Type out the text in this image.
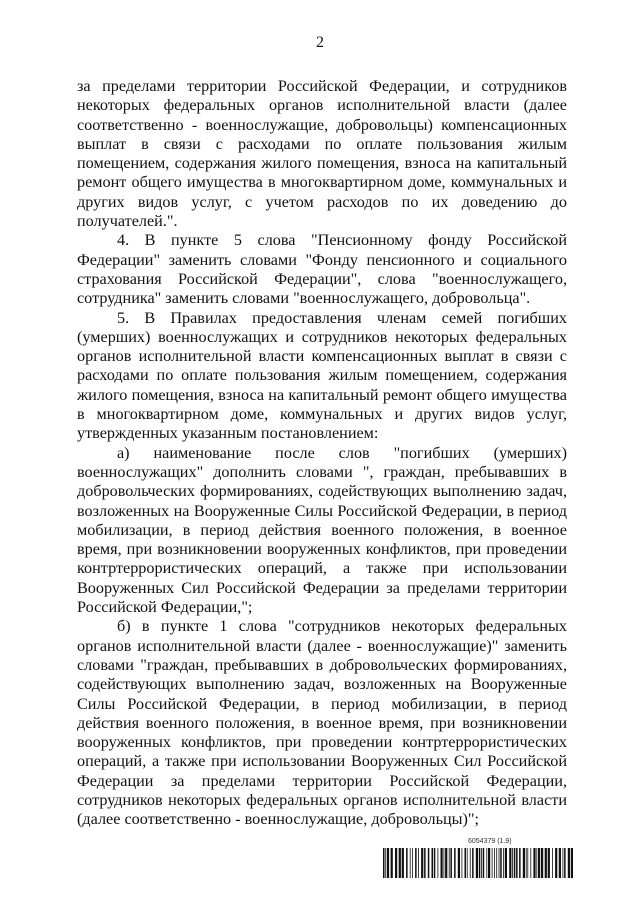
2

за пределами территории Российской Федерации, и сотрудников некоторых федеральных органов исполнительной власти (далее соответственно - военнослужащие, добровольцы) компенсационных выплат в связи с расходами по оплате пользования жилым помещением, содержания жилого помещения, взноса на капитальный ремонт общего имущества в многоквартирном доме, коммунальных и других видов услуг, с учетом расходов по их доведению до получателей.".

4. В пункте 5 слова "Пенсионному фонду Российской Федерации" заменить словами "Фонду пенсионного и социального страхования Российской Федерации", слова "военнослужащего, сотрудника" заменить словами "военнослужащего, добровольца".

5. В Правилах предоставления членам семей погибших (умерших) военнослужащих и сотрудников некоторых федеральных органов исполнительной власти компенсационных выплат в связи с расходами по оплате пользования жилым помещением, содержания жилого помещения, взноса на капитальный ремонт общего имущества в многоквартирном доме, коммунальных и других видов услуг, утвержденных указанным постановлением:

а) наименование после слов "погибших (умерших) военнослужащих" дополнить словами ", граждан, пребывавших в добровольческих формированиях, содействующих выполнению задач, возложенных на Вооруженные Силы Российской Федерации, в период мобилизации, в период действия военного положения, в военное время, при возникновении вооруженных конфликтов, при проведении контртеррористических операций, а также при использовании Вооруженных Сил Российской Федерации за пределами территории Российской Федерации,";

б) в пункте 1 слова "сотрудников некоторых федеральных органов исполнительной власти (далее - военнослужащие)" заменить словами "граждан, пребывавших в добровольческих формированиях, содействующих выполнению задач, возложенных на Вооруженные Силы Российской Федерации, в период мобилизации, в период действия военного положения, в военное время, при возникновении вооруженных конфликтов, при проведении контртеррористических операций, а также при использовании Вооруженных Сил Российской Федерации за пределами территории Российской Федерации, сотрудников некоторых федеральных органов исполнительной власти (далее соответственно - военнослужащие, добровольцы)";

6054379 (1.9)
